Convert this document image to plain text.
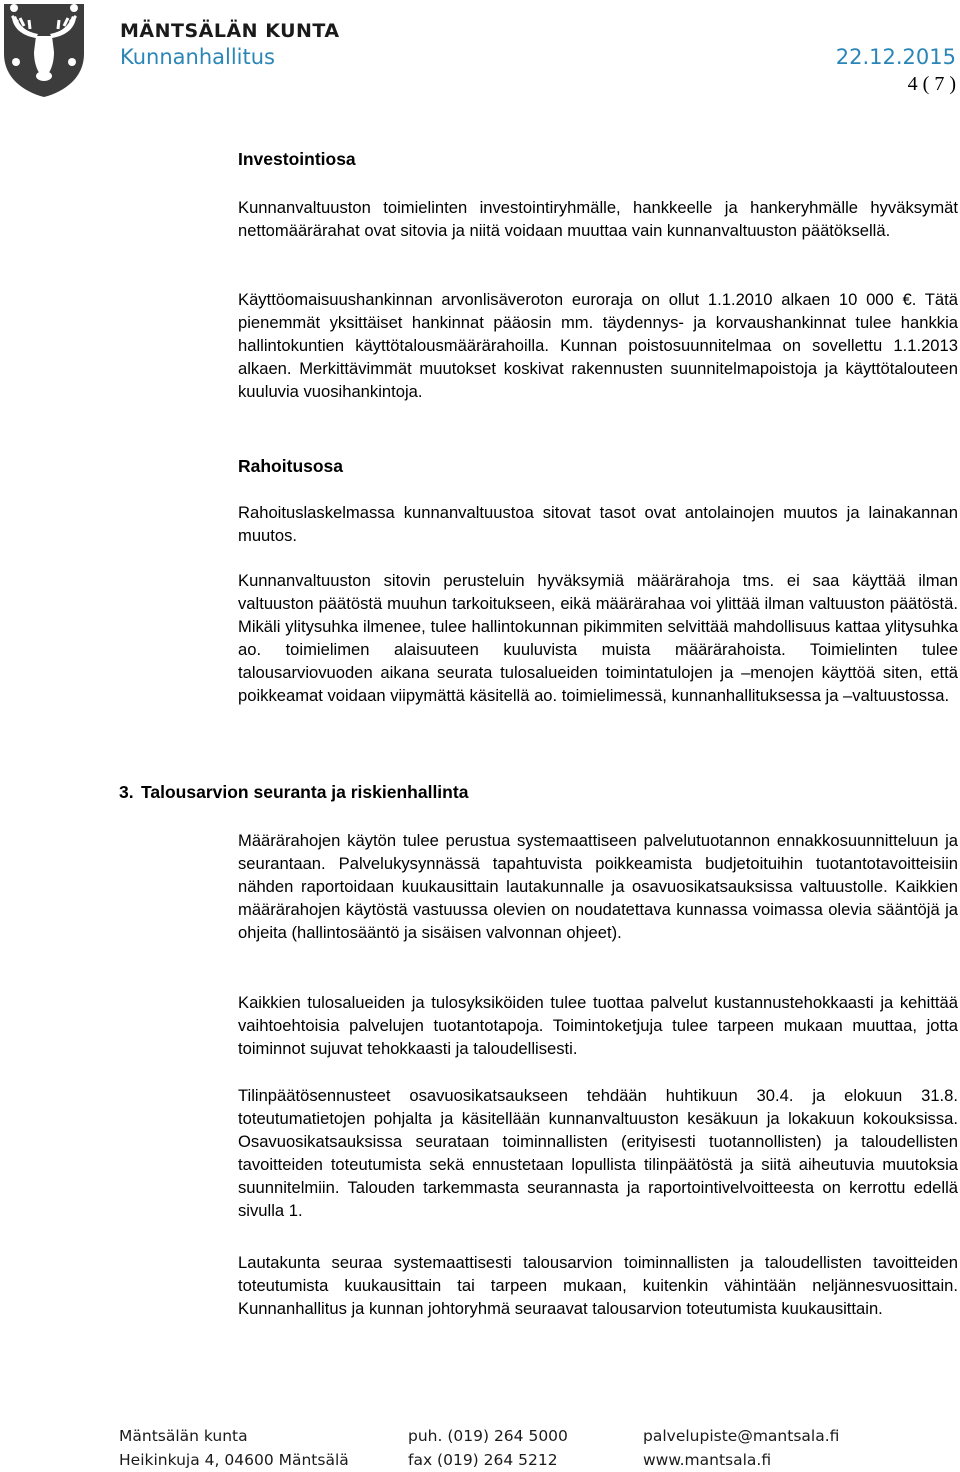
MÄNTSÄLÄN KUNTA
Kunnanhallitus	22.12.2015
4 ( 7 )
Investointiosa

Kunnanvaltuuston toimielinten investointiryhmälle, hankkeelle ja hankeryhmälle hyväksymät nettomäärärahat ovat sitovia ja niitä voidaan muuttaa vain kunnanvaltuuston päätöksellä.

Käyttöomaisuushankinnan arvonlisäveroton euroraja on ollut 1.1.2010 alkaen 10 000 €. Tätä pienemmät yksittäiset hankinnat pääosin mm. täydennys- ja korvaushankinnat tulee hankkia hallintokuntien käyttötalousmäärärahoilla. Kunnan poistosuunnitelmaa on sovellettu 1.1.2013 alkaen. Merkittävimmät muutokset koskivat rakennusten suunnitelmapoistoja ja käyttötalouteen kuuluvia vuosihankintoja.

Rahoitusosa

Rahoituslaskelmassa kunnanvaltuustoa sitovat tasot ovat antolainojen muutos ja lainakannan muutos.

Kunnanvaltuuston sitovin perusteluin hyväksymiä määrärahoja tms. ei saa käyttää ilman valtuuston päätöstä muuhun tarkoitukseen, eikä määrärahaa voi ylittää ilman valtuuston päätöstä. Mikäli ylitysuhka ilmenee, tulee hallintokunnan pikimmiten selvittää mahdollisuus kattaa ylitysuhka ao. toimielimen alaisuuteen kuuluvista muista määrärahoista. Toimielinten tulee talousarviovuoden aikana seurata tulosalueiden toimintatulojen ja –menojen käyttöä siten, että poikkeamat voidaan viipymättä käsitellä ao. toimielimessä, kunnanhallituksessa ja –valtuustossa.

3. Talousarvion seuranta ja riskienhallinta

Määrärahojen käytön tulee perustua systemaattiseen palvelutuotannon ennakkosuunnitteluun ja seurantaan. Palvelukysynnässä tapahtuvista poikkeamista budjetoituihin tuotantotavoitteisiin nähden raportoidaan kuukausittain lautakunnalle ja osavuosikatsauksissa valtuustolle. Kaikkien määrärahojen käytöstä vastuussa olevien on noudatettava kunnassa voimassa olevia sääntöjä ja ohjeita (hallintosääntö ja sisäisen valvonnan ohjeet).

Kaikkien tulosalueiden ja tulosyksiköiden tulee tuottaa palvelut kustannustehokkaasti ja kehittää vaihtoehtoisia palvelujen tuotantotapoja. Toimintoketjuja tulee tarpeen mukaan muuttaa, jotta toiminnot sujuvat tehokkaasti ja taloudellisesti.

Tilinpäätösennusteet osavuosikatsaukseen tehdään huhtikuun 30.4. ja elokuun 31.8. toteutumatietojen pohjalta ja käsitellään kunnanvaltuuston kesäkuun ja lokakuun kokouksissa. Osavuosikatsauksissa seurataan toiminnallisten (erityisesti tuotannollisten) ja taloudellisten tavoitteiden toteutumista sekä ennustetaan lopullista tilinpäätöstä ja siitä aiheutuvia muutoksia suunnitelmiin. Talouden tarkemmasta seurannasta ja raportointivelvoitteesta on kerrottu edellä sivulla 1.

Lautakunta seuraa systemaattisesti talousarvion toiminnallisten ja taloudellisten tavoitteiden toteutumista kuukausittain tai tarpeen mukaan, kuitenkin vähintään neljännesvuosittain. Kunnanhallitus ja kunnan johtoryhmä seuraavat talousarvion toteutumista kuukausittain.

Mäntsälän kunta
Heikinkuja 4, 04600 Mäntsälä
puh. (019) 264 5000
fax (019) 264 5212
palvelupiste@mantsala.fi
www.mantsala.fi
